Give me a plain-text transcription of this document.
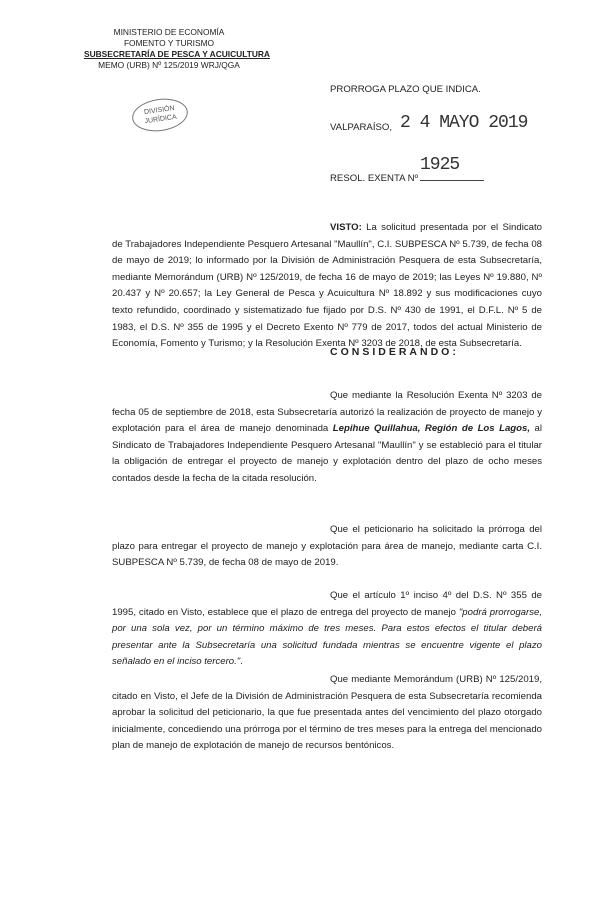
MINISTERIO DE ECONOMÍA
FOMENTO Y TURISMO
SUBSECRETARÍA DE PESCA Y ACUICULTURA
MEMO (URB) Nº 125/2019 WRJ/QGA
DIVISIÓN
JURÍDICA
PRORROGA PLAZO QUE INDICA.
VALPARAÍSO, 2 4 MAYO 2019
RESOL. EXENTA Nº
1925
VISTO: La solicitud presentada por el Sindicato de Trabajadores Independiente Pesquero Artesanal "Maullín", C.I. SUBPESCA Nº 5.739, de fecha 08 de mayo de 2019; lo informado por la División de Administración Pesquera de esta Subsecretaría, mediante Memorándum (URB) Nº 125/2019, de fecha 16 de mayo de 2019; las Leyes Nº 19.880, Nº 20.437 y Nº 20.657; la Ley General de Pesca y Acuicultura Nº 18.892 y sus modificaciones cuyo texto refundido, coordinado y sistematizado fue fijado por D.S. Nº 430 de 1991, el D.F.L. Nº 5 de 1983, el D.S. Nº 355 de 1995 y el Decreto Exento Nº 779 de 2017, todos del actual Ministerio de Economía, Fomento y Turismo; y la Resolución Exenta Nº 3203 de 2018, de esta Subsecretaría.
CONSIDERANDO:
Que mediante la Resolución Exenta Nº 3203 de fecha 05 de septiembre de 2018, esta Subsecretaría autorizó la realización de proyecto de manejo y explotación para el área de manejo denominada Lepihue Quillahua, Región de Los Lagos, al Sindicato de Trabajadores Independiente Pesquero Artesanal "Maullín" y se estableció para el titular la obligación de entregar el proyecto de manejo y explotación dentro del plazo de ocho meses contados desde la fecha de la citada resolución.
Que el peticionario ha solicitado la prórroga del plazo para entregar el proyecto de manejo y explotación para área de manejo, mediante carta C.I. SUBPESCA Nº 5.739, de fecha 08 de mayo de 2019.
Que el artículo 1º inciso 4º del D.S. Nº 355 de 1995, citado en Visto, establece que el plazo de entrega del proyecto de manejo "podrá prorrogarse, por una sola vez, por un término máximo de tres meses. Para estos efectos el titular deberá presentar ante la Subsecretaría una solicitud fundada mientras se encuentre vigente el plazo señalado en el inciso tercero.".
Que mediante Memorándum (URB) Nº 125/2019, citado en Visto, el Jefe de la División de Administración Pesquera de esta Subsecretaría recomienda aprobar la solicitud del peticionario, la que fue presentada antes del vencimiento del plazo otorgado inicialmente, concediendo una prórroga por el término de tres meses para la entrega del mencionado plan de manejo de explotación de manejo de recursos bentónicos.
